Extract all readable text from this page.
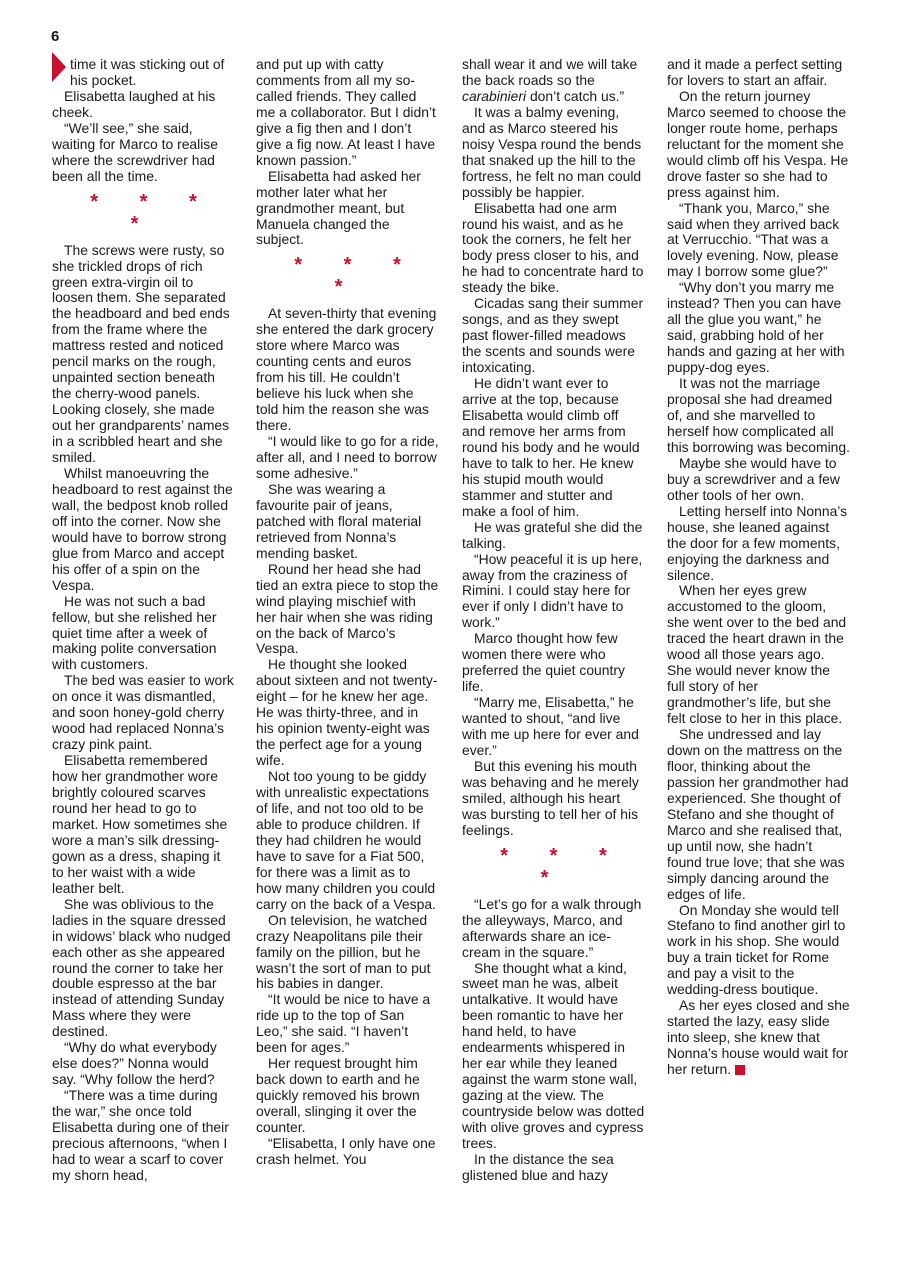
6

time it was sticking out of his pocket.

Elisabetta laughed at his cheek.

“We’ll see,” she said, waiting for Marco to realise where the screwdriver had been all the time.

* * * *

The screws were rusty, so she trickled drops of rich green extra-virgin oil to loosen them. She separated the headboard and bed ends from the frame where the mattress rested and noticed pencil marks on the rough, unpainted section beneath the cherry-wood panels. Looking closely, she made out her grandparents’ names in a scribbled heart and she smiled.

Whilst manoeuvring the headboard to rest against the wall, the bedpost knob rolled off into the corner. Now she would have to borrow strong glue from Marco and accept his offer of a spin on the Vespa.

He was not such a bad fellow, but she relished her quiet time after a week of making polite conversation with customers.

The bed was easier to work on once it was dismantled, and soon honey-gold cherry wood had replaced Nonna’s crazy pink paint.

Elisabetta remembered how her grandmother wore brightly coloured scarves round her head to go to market. How sometimes she wore a man’s silk dressing-gown as a dress, shaping it to her waist with a wide leather belt.

She was oblivious to the ladies in the square dressed in widows’ black who nudged each other as she appeared round the corner to take her double espresso at the bar instead of attending Sunday Mass where they were destined.

“Why do what everybody else does?” Nonna would say. “Why follow the herd?

“There was a time during the war,” she once told Elisabetta during one of their precious afternoons, “when I had to wear a scarf to cover my shorn head,

and put up with catty comments from all my so-called friends. They called me a collaborator. But I didn’t give a fig then and I don’t give a fig now. At least I have known passion.”

Elisabetta had asked her mother later what her grandmother meant, but Manuela changed the subject.

* * * *

At seven-thirty that evening she entered the dark grocery store where Marco was counting cents and euros from his till. He couldn’t believe his luck when she told him the reason she was there.

“I would like to go for a ride, after all, and I need to borrow some adhesive.”

She was wearing a favourite pair of jeans, patched with floral material retrieved from Nonna’s mending basket.

Round her head she had tied an extra piece to stop the wind playing mischief with her hair when she was riding on the back of Marco’s Vespa.

He thought she looked about sixteen and not twenty-eight – for he knew her age. He was thirty-three, and in his opinion twenty-eight was the perfect age for a young wife.

Not too young to be giddy with unrealistic expectations of life, and not too old to be able to produce children. If they had children he would have to save for a Fiat 500, for there was a limit as to how many children you could carry on the back of a Vespa.

On television, he watched crazy Neapolitans pile their family on the pillion, but he wasn’t the sort of man to put his babies in danger.

“It would be nice to have a ride up to the top of San Leo,” she said. “I haven’t been for ages.”

Her request brought him back down to earth and he quickly removed his brown overall, slinging it over the counter.

“Elisabetta, I only have one crash helmet. You

shall wear it and we will take the back roads so the carabinieri don’t catch us.”

It was a balmy evening, and as Marco steered his noisy Vespa round the bends that snaked up the hill to the fortress, he felt no man could possibly be happier.

Elisabetta had one arm round his waist, and as he took the corners, he felt her body press closer to his, and he had to concentrate hard to steady the bike.

Cicadas sang their summer songs, and as they swept past flower-filled meadows the scents and sounds were intoxicating.

He didn’t want ever to arrive at the top, because Elisabetta would climb off and remove her arms from round his body and he would have to talk to her. He knew his stupid mouth would stammer and stutter and make a fool of him.

He was grateful she did the talking.

“How peaceful it is up here, away from the craziness of Rimini. I could stay here for ever if only I didn’t have to work.”

Marco thought how few women there were who preferred the quiet country life.

“Marry me, Elisabetta,” he wanted to shout, “and live with me up here for ever and ever.”

But this evening his mouth was behaving and he merely smiled, although his heart was bursting to tell her of his feelings.

* * * *

“Let’s go for a walk through the alleyways, Marco, and afterwards share an ice-cream in the square.”

She thought what a kind, sweet man he was, albeit untalkative. It would have been romantic to have her hand held, to have endearments whispered in her ear while they leaned against the warm stone wall, gazing at the view. The countryside below was dotted with olive groves and cypress trees.

In the distance the sea glistened blue and hazy

and it made a perfect setting for lovers to start an affair.

On the return journey Marco seemed to choose the longer route home, perhaps reluctant for the moment she would climb off his Vespa. He drove faster so she had to press against him.

“Thank you, Marco,” she said when they arrived back at Verrucchio. “That was a lovely evening. Now, please may I borrow some glue?”

“Why don’t you marry me instead? Then you can have all the glue you want,” he said, grabbing hold of her hands and gazing at her with puppy-dog eyes.

It was not the marriage proposal she had dreamed of, and she marvelled to herself how complicated all this borrowing was becoming.

Maybe she would have to buy a screwdriver and a few other tools of her own.

Letting herself into Nonna’s house, she leaned against the door for a few moments, enjoying the darkness and silence.

When her eyes grew accustomed to the gloom, she went over to the bed and traced the heart drawn in the wood all those years ago. She would never know the full story of her grandmother’s life, but she felt close to her in this place.

She undressed and lay down on the mattress on the floor, thinking about the passion her grandmother had experienced. She thought of Stefano and she thought of Marco and she realised that, up until now, she hadn’t found true love; that she was simply dancing around the edges of life.

On Monday she would tell Stefano to find another girl to work in his shop. She would buy a train ticket for Rome and pay a visit to the wedding-dress boutique.

As her eyes closed and she started the lazy, easy slide into sleep, she knew that Nonna’s house would wait for her return.
